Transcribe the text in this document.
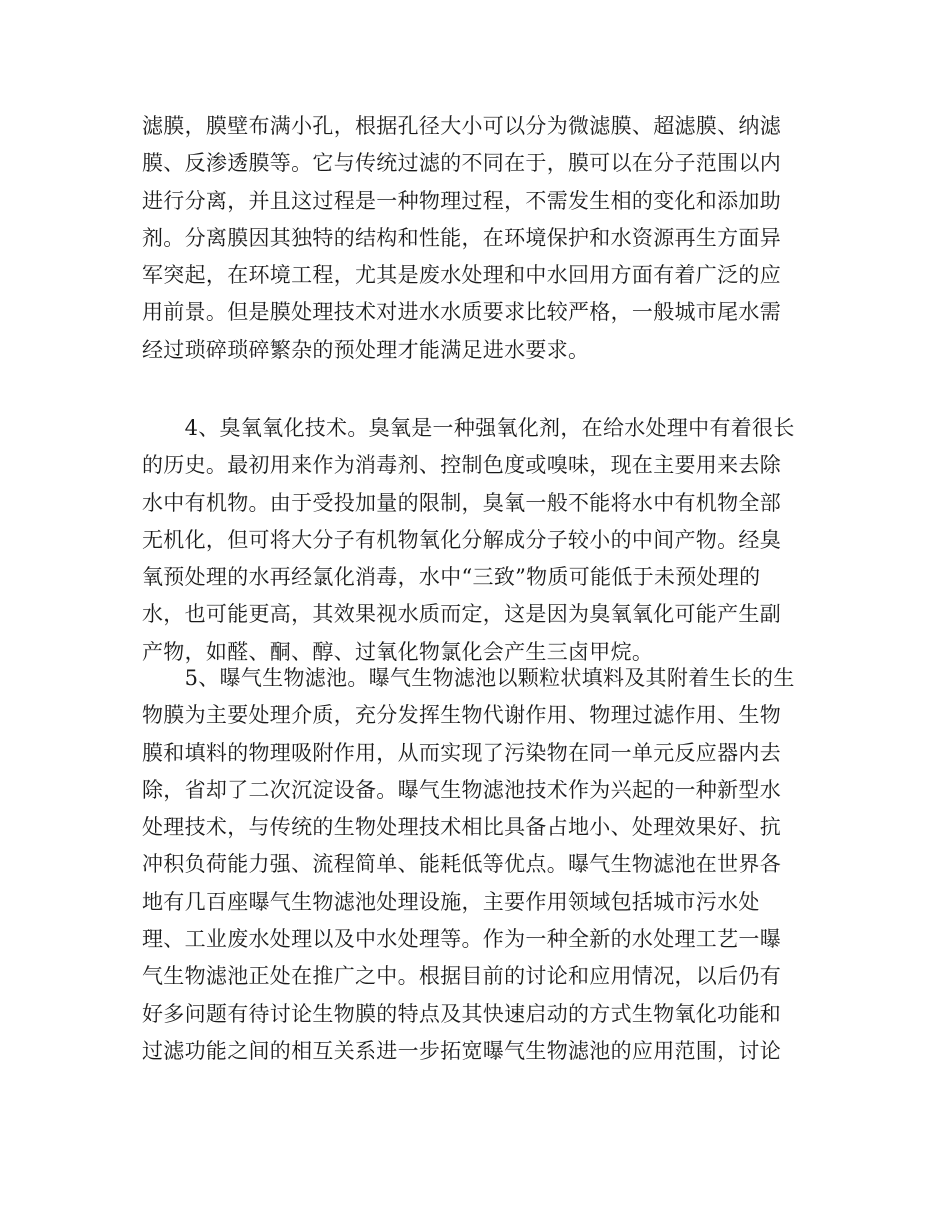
滤膜，膜壁布满小孔，根据孔径大小可以分为微滤膜、超滤膜、纳滤
膜、反渗透膜等。它与传统过滤的不同在于，膜可以在分子范围以内
进行分离，并且这过程是一种物理过程，不需发生相的变化和添加助
剂。分离膜因其独特的结构和性能，在环境保护和水资源再生方面异
军突起，在环境工程，尤其是废水处理和中水回用方面有着广泛的应
用前景。但是膜处理技术对进水水质要求比较严格，一般城市尾水需
经过琐碎琐碎繁杂的预处理才能满足进水要求。
　　4、臭氧氧化技术。臭氧是一种强氧化剂，在给水处理中有着很长
的历史。最初用来作为消毒剂、控制色度或嗅味，现在主要用来去除
水中有机物。由于受投加量的限制，臭氧一般不能将水中有机物全部
无机化，但可将大分子有机物氧化分解成分子较小的中间产物。经臭
氧预处理的水再经氯化消毒，水中“三致”物质可能低于未预处理的
水，也可能更高，其效果视水质而定，这是因为臭氧氧化可能产生副
产物，如醛、酮、醇、过氧化物氯化会产生三卤甲烷。
　　5、曝气生物滤池。曝气生物滤池以颗粒状填料及其附着生长的生
物膜为主要处理介质，充分发挥生物代谢作用、物理过滤作用、生物
膜和填料的物理吸附作用，从而实现了污染物在同一单元反应器内去
除，省却了二次沉淀设备。曝气生物滤池技术作为兴起的一种新型水
处理技术，与传统的生物处理技术相比具备占地小、处理效果好、抗
冲积负荷能力强、流程简单、能耗低等优点。曝气生物滤池在世界各
地有几百座曝气生物滤池处理设施，主要作用领域包括城市污水处
理、工业废水处理以及中水处理等。作为一种全新的水处理工艺一曝
气生物滤池正处在推广之中。根据目前的讨论和应用情况，以后仍有
好多问题有待讨论生物膜的特点及其快速启动的方式生物氧化功能和
过滤功能之间的相互关系进一步拓宽曝气生物滤池的应用范围，讨论
